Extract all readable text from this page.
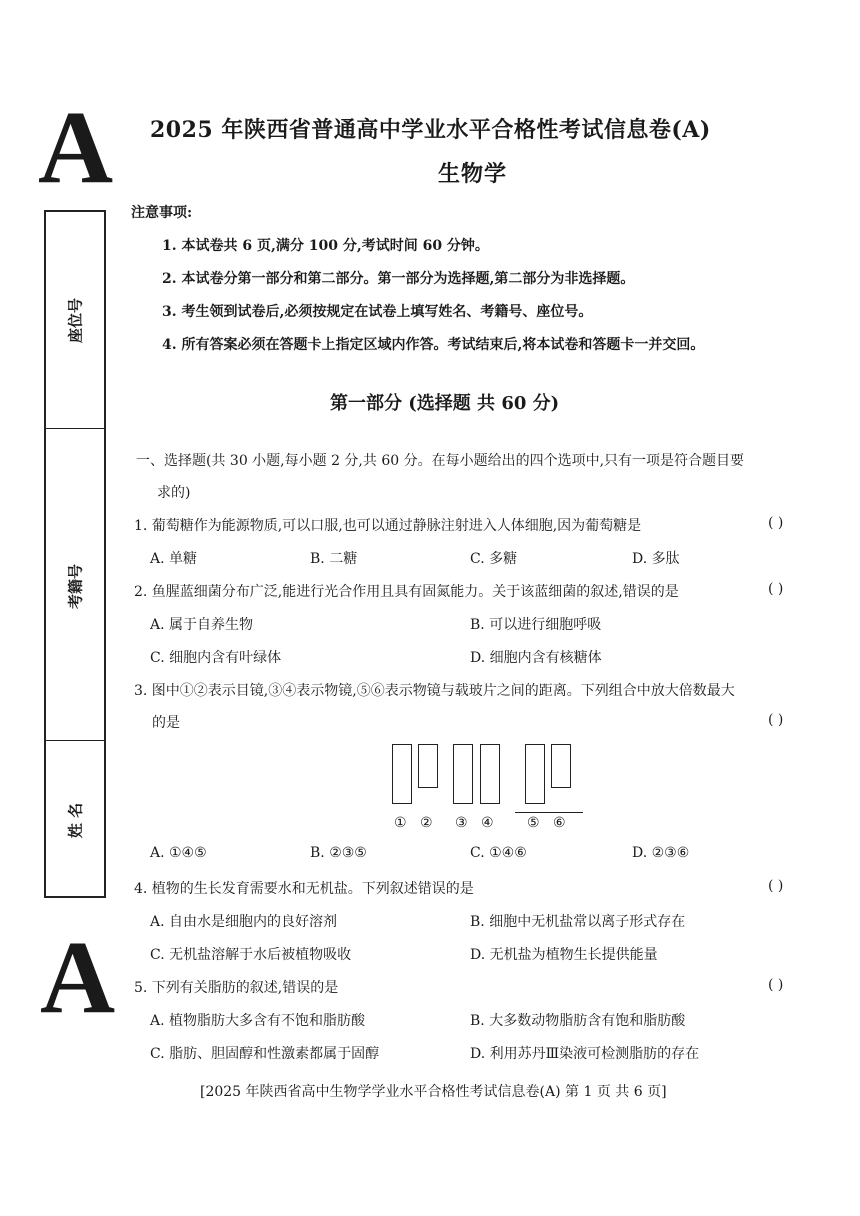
A
A
2025 年陕西省普通高中学业水平合格性考试信息卷(A)
生物学
座位号
考籍号
姓 名
注意事项:
1. 本试卷共 6 页,满分 100 分,考试时间 60 分钟。
2. 本试卷分第一部分和第二部分。第一部分为选择题,第二部分为非选择题。
3. 考生领到试卷后,必须按规定在试卷上填写姓名、考籍号、座位号。
4. 所有答案必须在答题卡上指定区域内作答。考试结束后,将本试卷和答题卡一并交回。
第一部分 (选择题 共 60 分)
一、选择题(共 30 小题,每小题 2 分,共 60 分。在每小题给出的四个选项中,只有一项是符合题目要
求的)
1. 葡萄糖作为能源物质,可以口服,也可以通过静脉注射进入人体细胞,因为葡萄糖是	( )
A. 单糖	B. 二糖	C. 多糖	D. 多肽
2. 鱼腥蓝细菌分布广泛,能进行光合作用且具有固氮能力。关于该蓝细菌的叙述,错误的是	( )
A. 属于自养生物	B. 可以进行细胞呼吸
C. 细胞内含有叶绿体	D. 细胞内含有核糖体
3. 图中①②表示目镜,③④表示物镜,⑤⑥表示物镜与载玻片之间的距离。下列组合中放大倍数最大
的是	( )
① ② ③ ④ ⑤ ⑥
A. ①④⑤	B. ②③⑤	C. ①④⑥	D. ②③⑥
4. 植物的生长发育需要水和无机盐。下列叙述错误的是	( )
A. 自由水是细胞内的良好溶剂	B. 细胞中无机盐常以离子形式存在
C. 无机盐溶解于水后被植物吸收	D. 无机盐为植物生长提供能量
5. 下列有关脂肪的叙述,错误的是	( )
A. 植物脂肪大多含有不饱和脂肪酸	B. 大多数动物脂肪含有饱和脂肪酸
C. 脂肪、胆固醇和性激素都属于固醇	D. 利用苏丹Ⅲ染液可检测脂肪的存在
[2025 年陕西省高中生物学学业水平合格性考试信息卷(A) 第 1 页 共 6 页]
